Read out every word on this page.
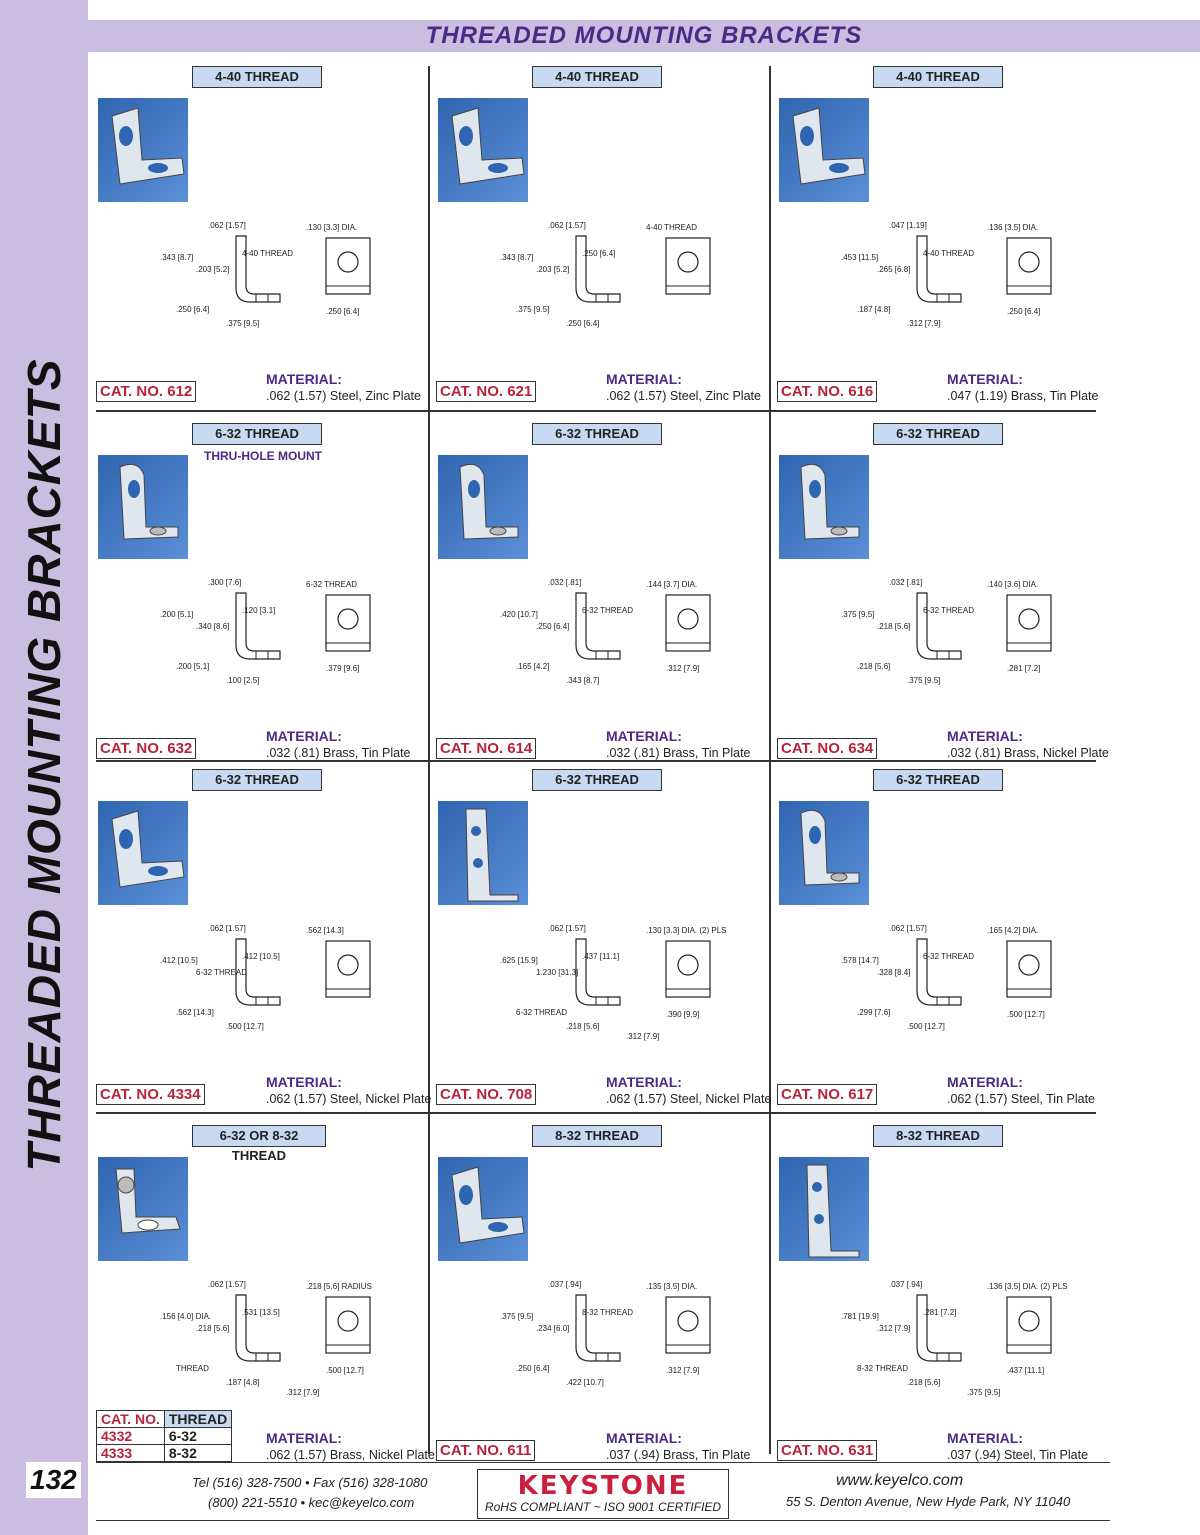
THREADED MOUNTING BRACKETS
132
THREADED MOUNTING BRACKETS
4-40 THREAD
.062 [1.57]	.130 [3.3] DIA.
.343 [8.7]
.203 [5.2]
4-40 THREAD
.250 [6.4]
.375 [9.5]
.250 [6.4]
CAT. NO. 612
MATERIAL:
.062 (1.57) Steel, Zinc Plate
4-40 THREAD
.062 [1.57]	4-40 THREAD
.343 [8.7]
.203 [5.2]
.250 [6.4]
.375 [9.5]
.250 [6.4]
CAT. NO. 621
MATERIAL:
.062 (1.57) Steel, Zinc Plate
4-40 THREAD
.047 [1.19]	.136 [3.5] DIA.
.453 [11.5]
.265 [6.8]
4-40 THREAD
.187 [4.8]
.312 [7.9]
.250 [6.4]
CAT. NO. 616
MATERIAL:
.047 (1.19) Brass, Tin Plate
6-32 THREAD
THRU-HOLE MOUNT
.300 [7.6]	6-32 THREAD
.200 [5.1]
.340 [8.6]
.120 [3.1]
.200 [5.1]
.100 [2.5]
.379 [9.6]
CAT. NO. 632
MATERIAL:
.032 (.81) Brass, Tin Plate
6-32 THREAD
.032 [.81]	.144 [3.7] DIA.
.420 [10.7]
.250 [6.4]
6-32 THREAD
.165 [4.2]
.343 [8.7]
.312 [7.9]
CAT. NO. 614
MATERIAL:
.032 (.81) Brass, Tin Plate
6-32 THREAD
.032 [.81]	.140 [3.6] DIA.
.375 [9.5]
.218 [5.6]
6-32 THREAD
.218 [5.6]
.375 [9.5]
.281 [7.2]
CAT. NO. 634
MATERIAL:
.032 (.81) Brass, Nickel Plate
6-32 THREAD
.062 [1.57]	.562 [14.3]
.412 [10.5]
6-32 THREAD
.412 [10.5]
.562 [14.3]
.500 [12.7]
CAT. NO. 4334
MATERIAL:
.062 (1.57) Steel, Nickel Plate
6-32 THREAD
.062 [1.57]	.130 [3.3] DIA. (2) PLS
.625 [15.9]
1.230 [31.3]
.437 [11.1]
6-32 THREAD
.218 [5.6]
.390 [9.9]
.312 [7.9]
CAT. NO. 708
MATERIAL:
.062 (1.57) Steel, Nickel Plate
6-32 THREAD
.062 [1.57]	.165 [4.2] DIA.
.578 [14.7]
.328 [8.4]
6-32 THREAD
.299 [7.6]
.500 [12.7]
.500 [12.7]
CAT. NO. 617
MATERIAL:
.062 (1.57) Steel, Tin Plate
6-32 OR 8-32 THREAD
.062 [1.57]	.218 [5.6] RADIUS
.156 [4.0] DIA.
.218 [5.6]
.531 [13.5]
THREAD
.187 [4.8]
.500 [12.7]
.312 [7.9]
CAT. NO.	THREAD
4332	6-32
4333	8-32
MATERIAL:
.062 (1.57) Brass, Nickel Plate
8-32 THREAD
.037 [.94]	.135 [3.5] DIA.
.375 [9.5]
.234 [6.0]
8-32 THREAD
.250 [6.4]
.422 [10.7]
.312 [7.9]
CAT. NO. 611
MATERIAL:
.037 (.94) Brass, Tin Plate
8-32 THREAD
.037 [.94]	.136 [3.5] DIA. (2) PLS
.781 [19.9]
.312 [7.9]
.281 [7.2]
8-32 THREAD
.218 [5.6]
.437 [11.1]
.375 [9.5]
CAT. NO. 631
MATERIAL:
.037 (.94) Steel, Tin Plate
Tel (516) 328-7500 • Fax (516) 328-1080
(800) 221-5510 • kec@keyelco.com
KEYSTONE
RoHS COMPLIANT ~ ISO 9001 CERTIFIED
www.keyelco.com
55 S. Denton Avenue, New Hyde Park, NY 11040
